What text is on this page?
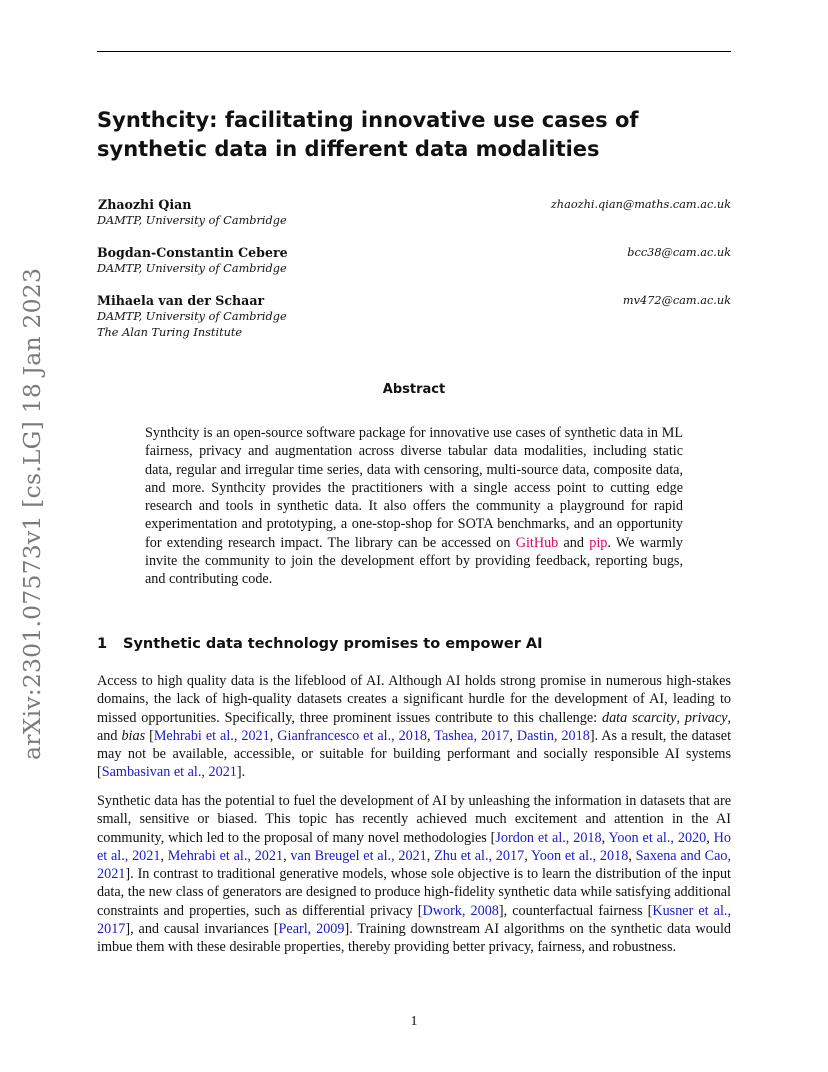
arXiv:2301.07573v1 [cs.LG] 18 Jan 2023
Synthcity: facilitating innovative use cases of synthetic data in different data modalities
Zhaozhi Qian	zhaozhi.qian@maths.cam.ac.uk
DAMTP, University of Cambridge
Bogdan-Constantin Cebere	bcc38@cam.ac.uk
DAMTP, University of Cambridge
Mihaela van der Schaar	mv472@cam.ac.uk
DAMTP, University of Cambridge
The Alan Turing Institute
Abstract

Synthcity is an open-source software package for innovative use cases of synthetic data in ML fairness, privacy and augmentation across diverse tabular data modalities, including static data, regular and irregular time series, data with censoring, multi-source data, composite data, and more. Synthcity provides the practitioners with a single access point to cutting edge research and tools in synthetic data. It also offers the community a playground for rapid experimentation and prototyping, a one-stop-shop for SOTA benchmarks, and an opportunity for extending research impact. The library can be accessed on GitHub and pip. We warmly invite the community to join the development effort by providing feedback, reporting bugs, and contributing code.

1 Synthetic data technology promises to empower AI

Access to high quality data is the lifeblood of AI. Although AI holds strong promise in numerous high-stakes domains, the lack of high-quality datasets creates a significant hurdle for the development of AI, leading to missed opportunities. Specifically, three prominent issues contribute to this challenge: data scarcity, privacy, and bias [Mehrabi et al., 2021, Gianfrancesco et al., 2018, Tashea, 2017, Dastin, 2018]. As a result, the dataset may not be available, accessible, or suitable for building performant and socially responsible AI systems [Sambasivan et al., 2021].

Synthetic data has the potential to fuel the development of AI by unleashing the information in datasets that are small, sensitive or biased. This topic has recently achieved much excitement and attention in the AI community, which led to the proposal of many novel methodologies [Jordon et al., 2018, Yoon et al., 2020, Ho et al., 2021, Mehrabi et al., 2021, van Breugel et al., 2021, Zhu et al., 2017, Yoon et al., 2018, Saxena and Cao, 2021]. In contrast to traditional generative models, whose sole objective is to learn the distribution of the input data, the new class of generators are designed to produce high-fidelity synthetic data while satisfying additional constraints and properties, such as differential privacy [Dwork, 2008], counterfactual fairness [Kusner et al., 2017], and causal invariances [Pearl, 2009]. Training downstream AI algorithms on the synthetic data would imbue them with these desirable properties, thereby providing better privacy, fairness, and robustness.

1
